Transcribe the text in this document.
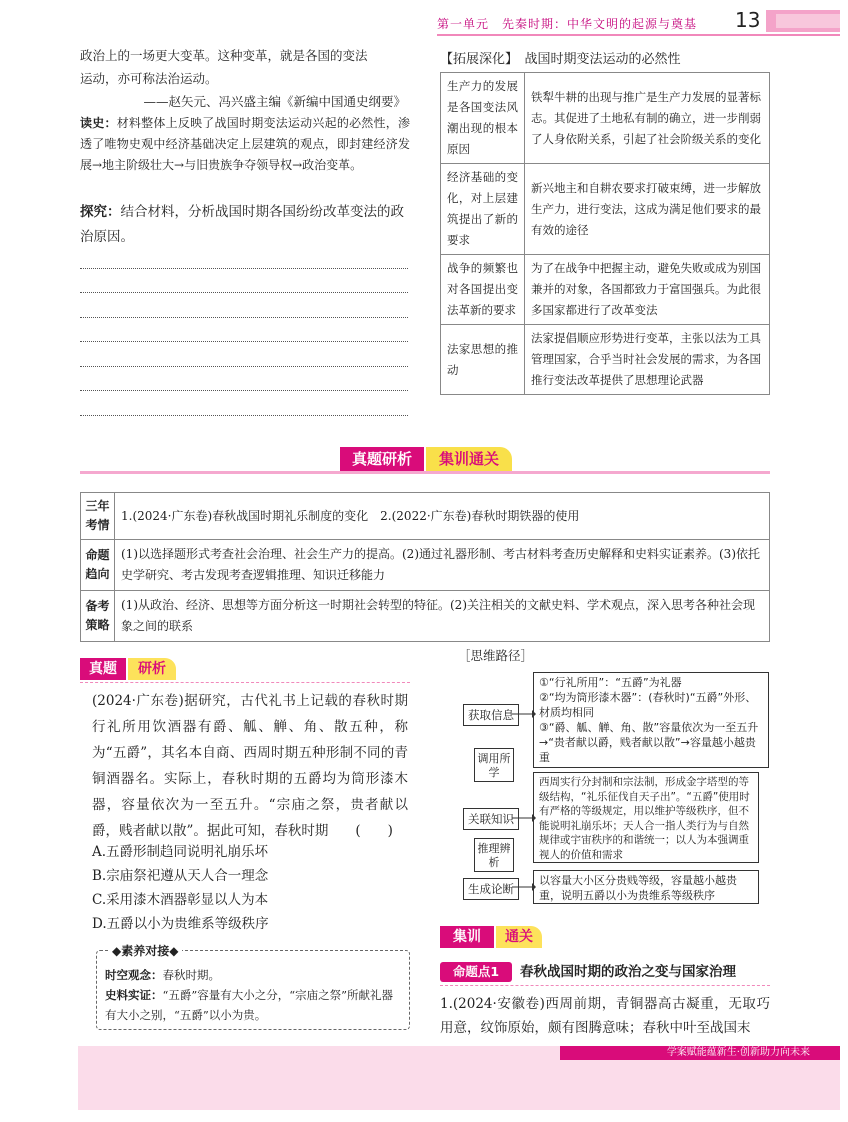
第一单元　先秦时期：中华文明的起源与奠基	13
政治上的一场更大变革。这种变革，就是各国的变法
运动，亦可称法治运动。
——赵矢元、冯兴盛主编《新编中国通史纲要》
读史：材料整体上反映了战国时期变法运动兴起的必然性，渗透了唯物史观中经济基础决定上层建筑的观点，即封建经济发展→地主阶级壮大→与旧贵族争夺领导权→政治变革。
探究：结合材料，分析战国时期各国纷纷改革变法的政治原因。
【拓展深化】　战国时期变法运动的必然性
生产力的发展是各国变法风潮出现的根本原因	铁犁牛耕的出现与推广是生产力发展的显著标志。其促进了土地私有制的确立，进一步削弱了人身依附关系，引起了社会阶级关系的变化
经济基础的变化，对上层建筑提出了新的要求	新兴地主和自耕农要求打破束缚，进一步解放生产力，进行变法，这成为满足他们要求的最有效的途径
战争的频繁也对各国提出变法革新的要求	为了在战争中把握主动，避免失败或成为别国兼并的对象，各国都致力于富国强兵。为此很多国家都进行了改革变法
法家思想的推动	法家提倡顺应形势进行变革，主张以法为工具管理国家，合乎当时社会发展的需求，为各国推行变法改革提供了思想理论武器
真题研析	集训通关
三年考情	1.(2024·广东卷)春秋战国时期礼乐制度的变化　2.(2022·广东卷)春秋时期铁器的使用
命题趋向	(1)以选择题形式考查社会治理、社会生产力的提高。(2)通过礼器形制、考古材料考查历史解释和史料实证素养。(3)依托史学研究、考古发现考查逻辑推理、知识迁移能力
备考策略	(1)从政治、经济、思想等方面分析这一时期社会转型的特征。(2)关注相关的文献史料、学术观点，深入思考各种社会现象之间的联系
真题	研析
(2024·广东卷)据研究，古代礼书上记载的春秋时期行礼所用饮酒器有爵、觚、觯、角、散五种，称为“五爵”，其名本自商、西周时期五种形制不同的青铜酒器名。实际上，春秋时期的五爵均为筒形漆木器，容量依次为一至五升。“宗庙之祭，贵者献以爵，贱者献以散”。据此可知，春秋时期　　(　　)
A.五爵形制趋同说明礼崩乐坏
B.宗庙祭祀遵从天人合一理念
C.采用漆木酒器彰显以人为本
D.五爵以小为贵维系等级秩序
时空观念：春秋时期。
史料实证：“五爵”容量有大小之分，“宗庙之祭”所献礼器有大小之别，“五爵”以小为贵。
◆素养对接◆
［思维路径］
获取信息
①“行礼所用”：“五爵”为礼器
②“均为筒形漆木器”：(春秋时)“五爵”外形、材质均相同
③“爵、觚、觯、角、散”容量依次为一至五升→“贵者献以爵，贱者献以散”→容量越小越贵重
调用所学
关联知识
西周实行分封制和宗法制，形成金字塔型的等级结构，“礼乐征伐自天子出”。“五爵”使用时有严格的等级规定，用以维护等级秩序，但不能说明礼崩乐坏；天人合一指人类行为与自然规律或宇宙秩序的和谐统一；以人为本强调重视人的价值和需求
推理辨析
生成论断
以容量大小区分贵贱等级，容量越小越贵重，说明五爵以小为贵维系等级秩序
集训	通关
命题点1	春秋战国时期的政治之变与国家治理
1.(2024·安徽卷)西周前期，青铜器高古凝重，无取巧用意，纹饰原始，颇有图腾意味；春秋中叶至战国末
学案赋能蕴新生·创新助力向未来
